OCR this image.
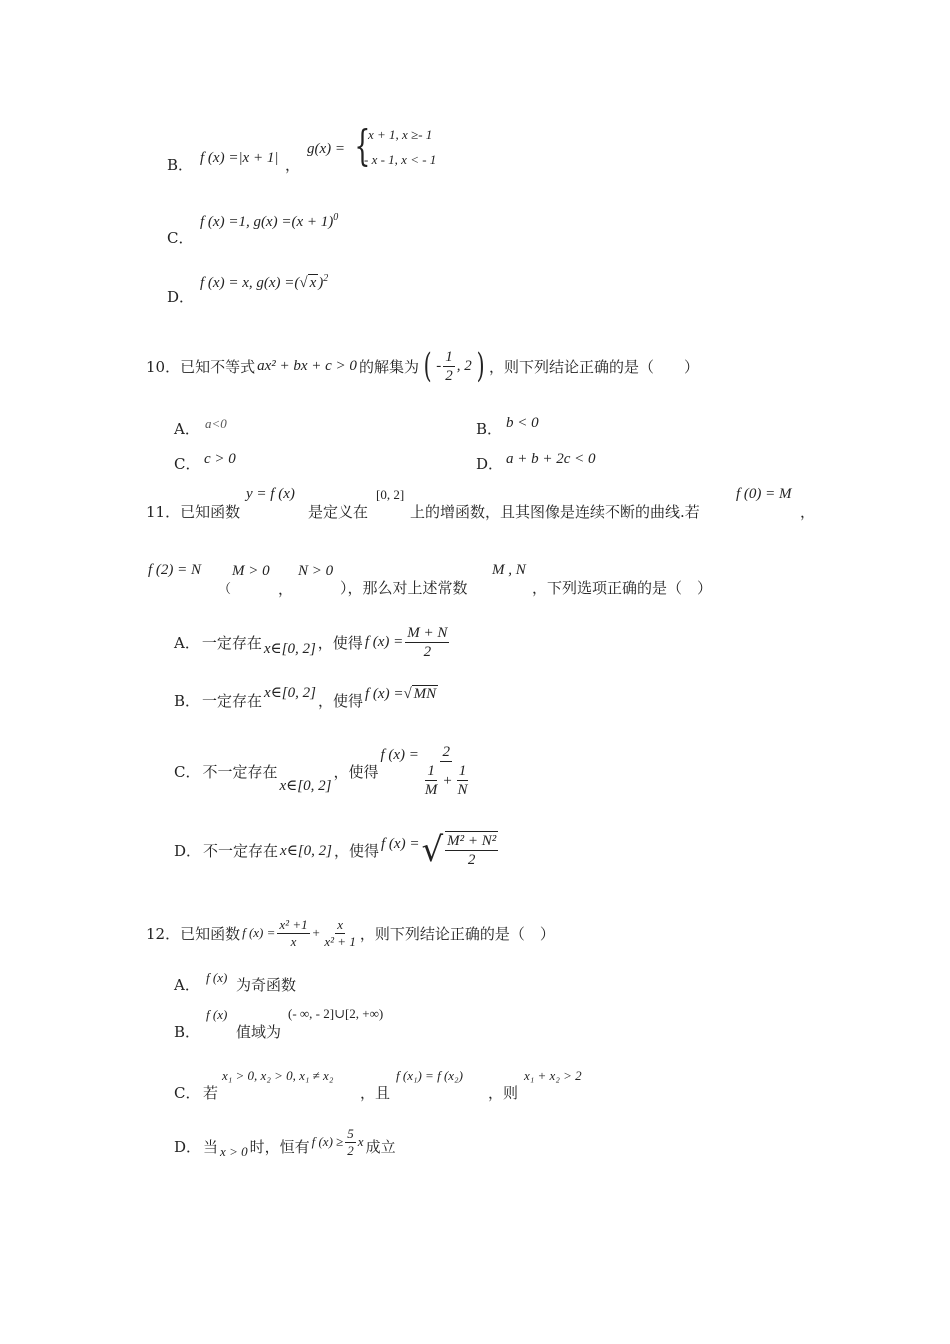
B． f (x) =|x + 1| ，
g(x) = {
x + 1, x ≥- 1
- x - 1, x < - 1
C．
f (x) =1, $g(x) =(x + 1)^0$
D．
f (x) = x, g(x) =(√ x )$^2$
10．已知不等式 ax² + bx + c > 0 的解集为 ( - $\frac{1}{2}$ , 2 ) ，则下列结论正确的是（　　）
A． a<0	B． b < 0
C． c > 0	D． a + b + 2c < 0
11．已知函数
y = f (x)
是定义在
[0, 2]
上的增函数，且其图像是连续不断的曲线.若
f (0) = M
，
f (2) = N
（
M > 0
，
N > 0
），那么对上述常数
M , N
，下列选项正确的是（　）
A． 一定存在 x∈[0, 2] ，使得 f $(x) = \frac{M + N}{2}$
B． 一定存在 x∈[0, 2] ，使得 f (x) =√ MN
C． 不一定存在
x∈[0, 2]
，使得
f $(x) = \frac{2}{\frac{1}{M} + \frac{1}{N}}$
D． 不一定存在 x∈[0, 2] ，使得 f (x) = √ $\frac{\text{M² + N²}}{2}$
12．已知函数 f $(x) = \frac{\text{x² +1}}{x} + \frac{x}{\text{x² + 1}}$ ，则下列结论正确的是（　）
A． f (x) 为奇函数
B．
f (x)
值域为
(- ∞, - 2]∪[2, +∞)
C． 若
x₁ > 0, x₂ > 0, x₁ ≠ x₂
，且
f (x₁) = f (x₂)
，则
x₁ + x₂ > 2
D． 当 x > 0 时，恒有 f $(x) \ge \frac{5}{2}$ x 成立
